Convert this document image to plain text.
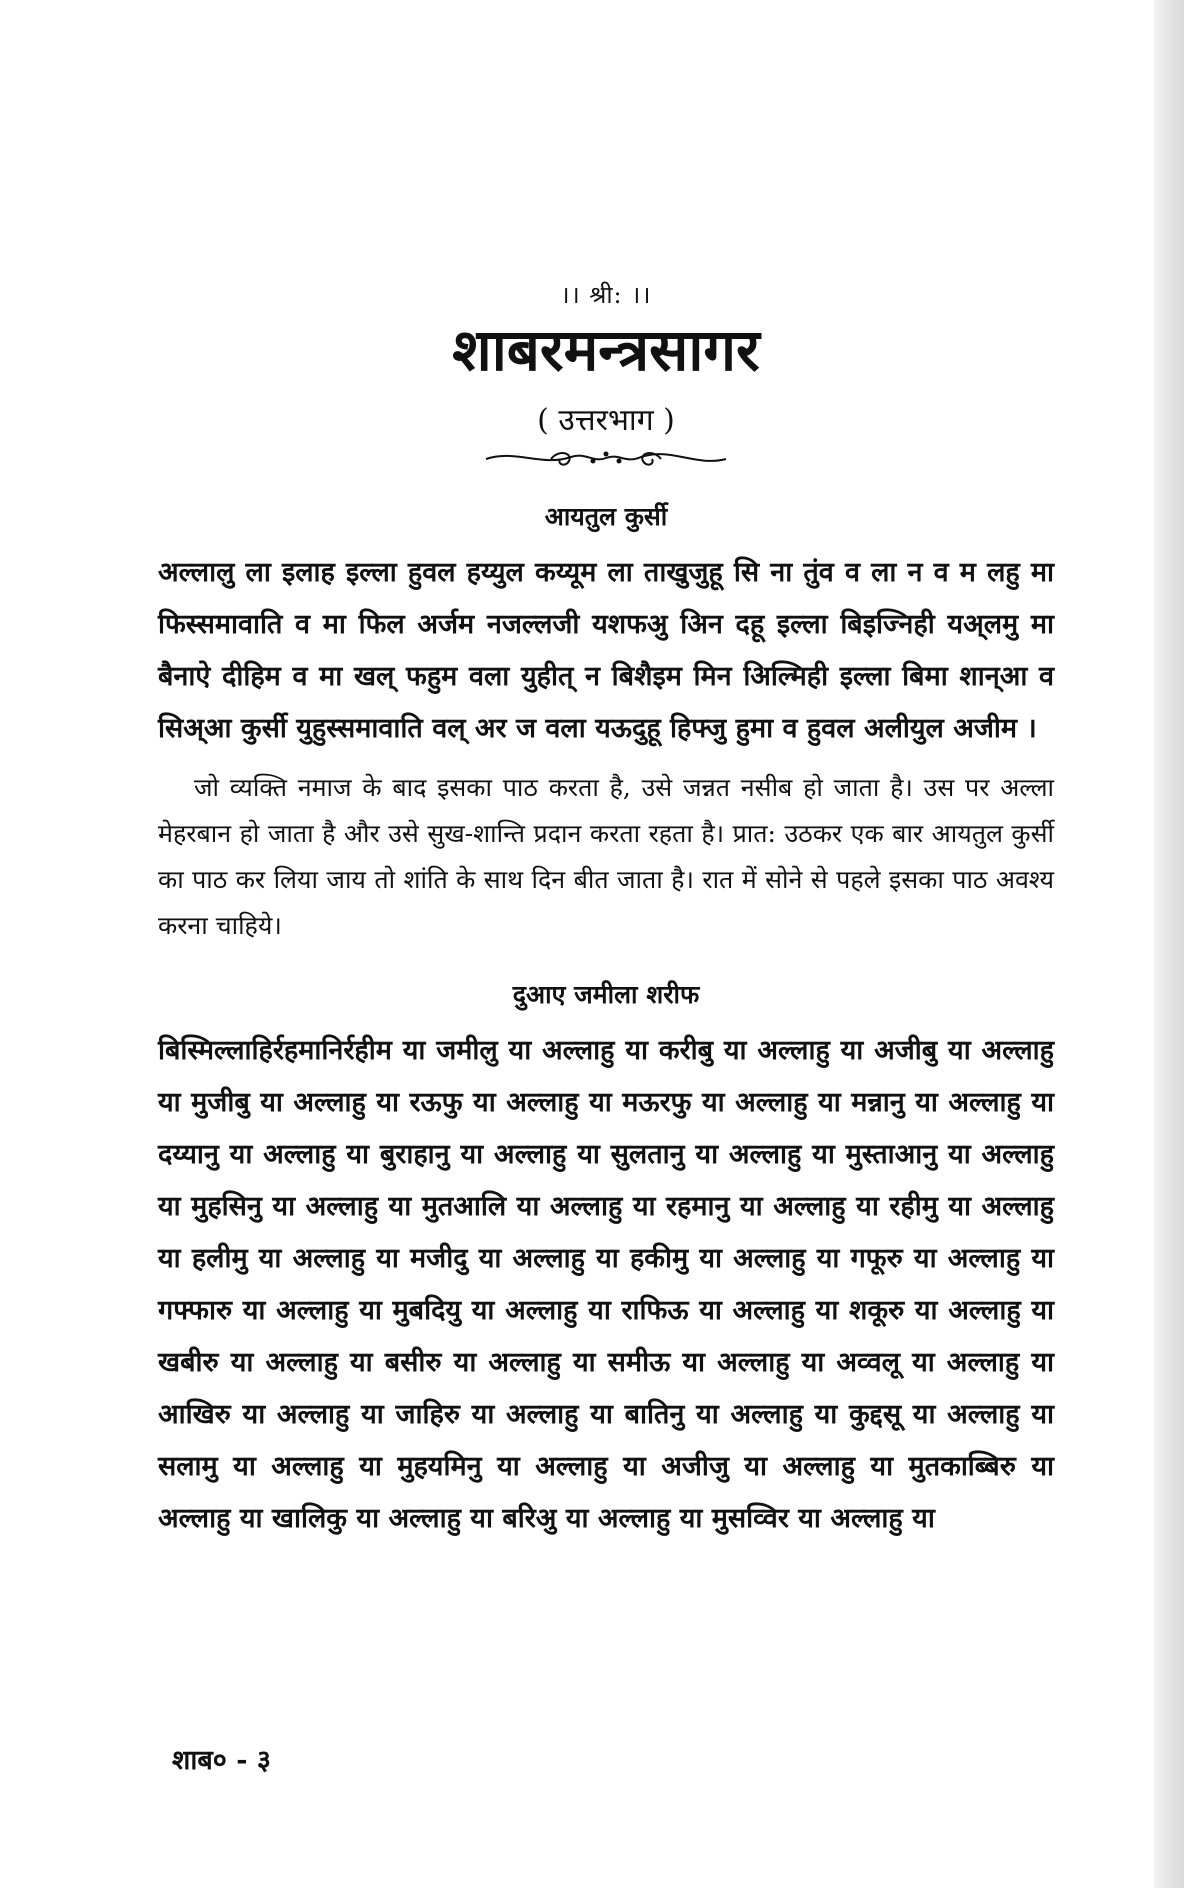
।। श्री: ।।

शाबरमन्त्रसागर

( उत्तरभाग )

आयतुल कुर्सी

अल्लालु ला इलाह इल्ला हुवल हय्युल कय्यूम ला ताखुजुहू सि ना तुंव व ला न व म लहु मा फिस्समावाति व मा फिल अर्जम नजल्लजी यशफअु अिन दहू इल्ला बिइज्निही यअ्लमु मा बैनाऐ दीहिम व मा खल् फहुम वला युहीत् न बिशैइम मिन अिल्मिही इल्ला बिमा शान्आ व सिअ्आ कुर्सी युहुस्समावाति वल् अर ज वला यऊदुहू हिफ्जु हुमा व हुवल अलीयुल अजीम ।

जो व्यक्ति नमाज के बाद इसका पाठ करता है, उसे जन्नत नसीब हो जाता है। उस पर अल्ला मेहरबान हो जाता है और उसे सुख-शान्ति प्रदान करता रहता है। प्रात: उठकर एक बार आयतुल कुर्सी का पाठ कर लिया जाय तो शांति के साथ दिन बीत जाता है। रात में सोने से पहले इसका पाठ अवश्य करना चाहिये।

दुआए जमीला शरीफ

बिस्मिल्लाहिर्रहमानिर्रहीम या जमीलु या अल्लाहु या करीबु या अल्लाहु या अजीबु या अल्लाहु या मुजीबु या अल्लाहु या रऊफु या अल्लाहु या मऊरफु या अल्लाहु या मन्नानु या अल्लाहु या दय्यानु या अल्लाहु या बुराहानु या अल्लाहु या सुलतानु या अल्लाहु या मुस्ताआनु या अल्लाहु या मुहसिनु या अल्लाहु या मुतआलि या अल्लाहु या रहमानु या अल्लाहु या रहीमु या अल्लाहु या हलीमु या अल्लाहु या मजीदु या अल्लाहु या हकीमु या अल्लाहु या गफूरु या अल्लाहु या गफ्फारु या अल्लाहु या मुबदियु या अल्लाहु या राफिऊ या अल्लाहु या शकूरु या अल्लाहु या खबीरु या अल्लाहु या बसीरु या अल्लाहु या समीऊ या अल्लाहु या अव्वलू या अल्लाहु या आखिरु या अल्लाहु या जाहिरु या अल्लाहु या बातिनु या अल्लाहु या कुद्दसू या अल्लाहु या सलामु या अल्लाहु या मुहयमिनु या अल्लाहु या अजीजु या अल्लाहु या मुतकाब्बिरु या अल्लाहु या खालिकु या अल्लाहु या बरिअु या अल्लाहु या मुसव्विर या अल्लाहु या

शाब० - ३
